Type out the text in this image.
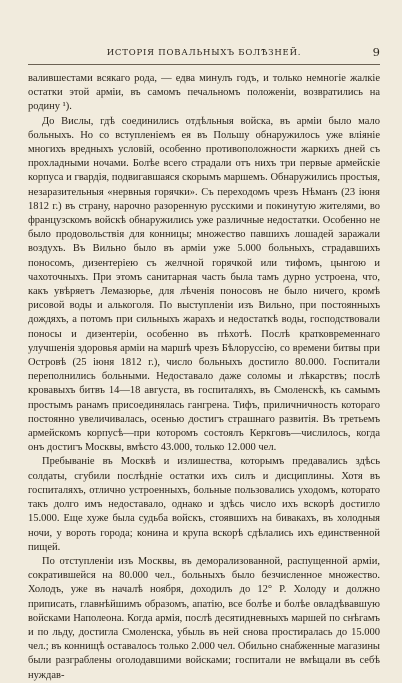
ИСТОРІЯ ПОВАЛЬНЫХЪ БОЛѢЗНЕЙ.	9

валившестами всякаго рода, — едва минулъ годъ, и только немногіе жалкіе остатки этой арміи, въ самомъ печальномъ положеніи, возвратились на родину ¹).

До Вислы, гдѣ соединились отдѣльныя войска, въ арміи было мало больныхъ. Но со вступленіемъ ея въ Польшу обнаружилось уже вліяніе многихъ вредныхъ условій, особенно противоположности жаркихъ дней съ прохладными ночами. Болѣе всего страдали отъ нихъ три первые армейскіе корпуса и гвардія, подвигавшаяся скорымъ маршемъ. Обнаружились простыя, незаразительныя «нервныя горячки». Съ переходомъ чрезъ Нѣманъ (23 іюня 1812 г.) въ страну, нарочно разоренную русскими и покинутую жителями, во французскомъ войскѣ обнаружились уже различные недостатки. Особенно не было продовольствія для конницы; множество павшихъ лошадей заражали воздухъ. Въ Вильно было въ арміи уже 5.000 больныхъ, страдавшихъ поносомъ, дизентеріею съ желчной горячкой или тифомъ, цынгою и чахоточныхъ. При этомъ санитарная часть была тамъ дурно устроена, что, какъ увѣряетъ Лемазюрье, для лѣченія поносовъ не было ничего, кромѣ рисовой воды и алькоголя. По выступленіи изъ Вильно, при постоянныхъ дождяхъ, а потомъ при сильныхъ жарахъ и недостаткѣ воды, господствовали поносы и дизентеріи, особенно въ пѣхотѣ. Послѣ кратковременнаго улучшенія здоровья арміи на маршѣ чрезъ Бѣлоруссію, со времени битвы при Островѣ (25 іюня 1812 г.), число больныхъ достигло 80.000. Госпитали переполнились больными. Недоставало даже соломы и лѣкарствъ; послѣ кровавыхъ битвъ 14—18 августа, въ госпиталяхъ, въ Смоленскѣ, къ самымъ простымъ ранамъ присоединялась гангрена. Тифъ, приличничность котораго постоянно увеличивалась, осенью достигъ страшнаго развитія. Въ третьемъ армейскомъ корпусѣ—при которомъ состоялъ Керкговъ—числилось, когда онъ достигъ Москвы, вмѣсто 43.000, только 12.000 чел.

Пребываніе въ Москвѣ и излишества, которымъ предавались здѣсь солдаты, сгубили послѣдніе остатки ихъ силъ и дисциплины. Хотя въ госпиталяхъ, отлично устроенныхъ, больные пользовались уходомъ, которато такъ долго имъ недоставало, однако и здѣсь число ихъ вскорѣ достигло 15.000. Еще хуже была судьба войскъ, стоявшихъ на бивакахъ, въ холодныя ночи, у вороть города; конина и крупа вскорѣ сдѣлались ихъ единственной пищей.

По отступленіи изъ Москвы, въ деморализованной, распущенной арміи, сократившейся на 80.000 чел., больныхъ было безчисленное множество. Холодъ, уже въ началѣ ноября, доходилъ до 12° Р. Холоду и должно приписать, главнѣйшимъ образомъ, апатію, все болѣе и болѣе овладѣвавшую войсками Наполеона. Когда армія, послѣ десятидневныхъ маршей по снѣгамъ и по льду, достигла Смоленска, убыль въ ней снова простиралась до 15.000 чел.; въ коннищѣ оставалось только 2.000 чел. Обильно снабженные магазины были разграблены оголодавшими войсками; госпитали не вмѣщали въ себѣ нуждав-
